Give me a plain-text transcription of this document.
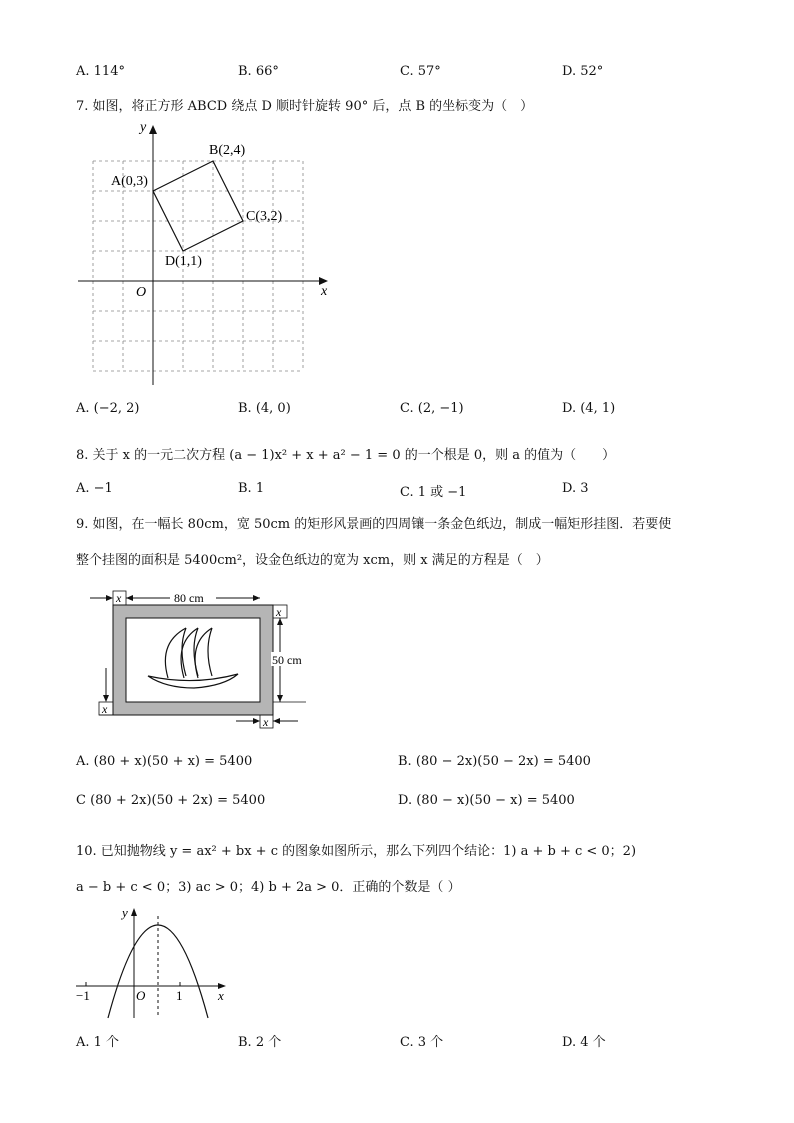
A. 114°	B. 66°	C. 57°	D. 52°
7. 如图，将正方形 ABCD 绕点 D 顺时针旋转 90° 后，点 B 的坐标变为（　）
y
x
O
A(0,3)
B(2,4)
C(3,2)
D(1,1)
A. (−2, 2)	B. (4, 0)	C. (2, −1)	D. (4, 1)
8. 关于 x 的一元二次方程 (a − 1)x² + x + a² − 1 = 0 的一个根是 0，则 a 的值为（　　）
A. −1	B. 1	C. 1 或 −1	D. 3
9. 如图，在一幅长 80cm，宽 50cm 的矩形风景画的四周镶一条金色纸边，制成一幅矩形挂图．若要使
整个挂图的面积是 5400cm²，设金色纸边的宽为 xcm，则 x 满足的方程是（　）
80 cm
x
x
50 cm
x
x
A. (80 + x)(50 + x) = 5400	B. (80 − 2x)(50 − 2x) = 5400
C (80 + 2x)(50 + 2x) = 5400	D. (80 − x)(50 − x) = 5400
10. 已知抛物线 y = ax² + bx + c 的图象如图所示，那么下列四个结论：1) a + b + c < 0；2)
a − b + c < 0；3) ac > 0；4) b + 2a > 0．正确的个数是（ ）
y
x
O
−1	1
A. 1 个	B. 2 个	C. 3 个	D. 4 个
